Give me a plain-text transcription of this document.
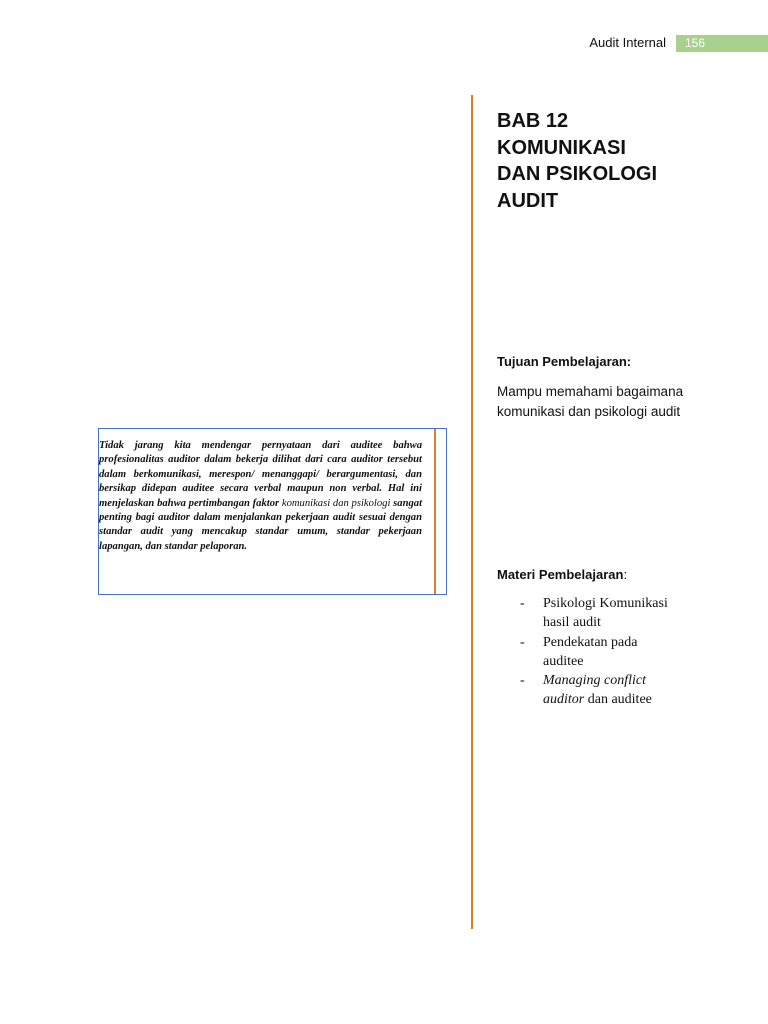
Audit Internal	156
BAB 12
KOMUNIKASI
DAN PSIKOLOGI
AUDIT
Tujuan Pembelajaran:
Mampu memahami bagaimana komunikasi dan psikologi audit
Materi Pembelajaran:
- Psikologi Komunikasi hasil audit
- Pendekatan pada auditee
- Managing conflict auditor dan auditee
Tidak jarang kita mendengar pernyataan dari auditee bahwa profesionalitas auditor dalam bekerja dilihat dari cara auditor tersebut dalam berkomunikasi, merespon/ menanggapi/ berargumentasi, dan bersikap didepan auditee secara verbal maupun non verbal. Hal ini menjelaskan bahwa pertimbangan faktor komunikasi dan psikologi sangat penting bagi auditor dalam menjalankan pekerjaan audit sesuai dengan standar audit yang mencakup standar umum, standar pekerjaan lapangan, dan standar pelaporan.
